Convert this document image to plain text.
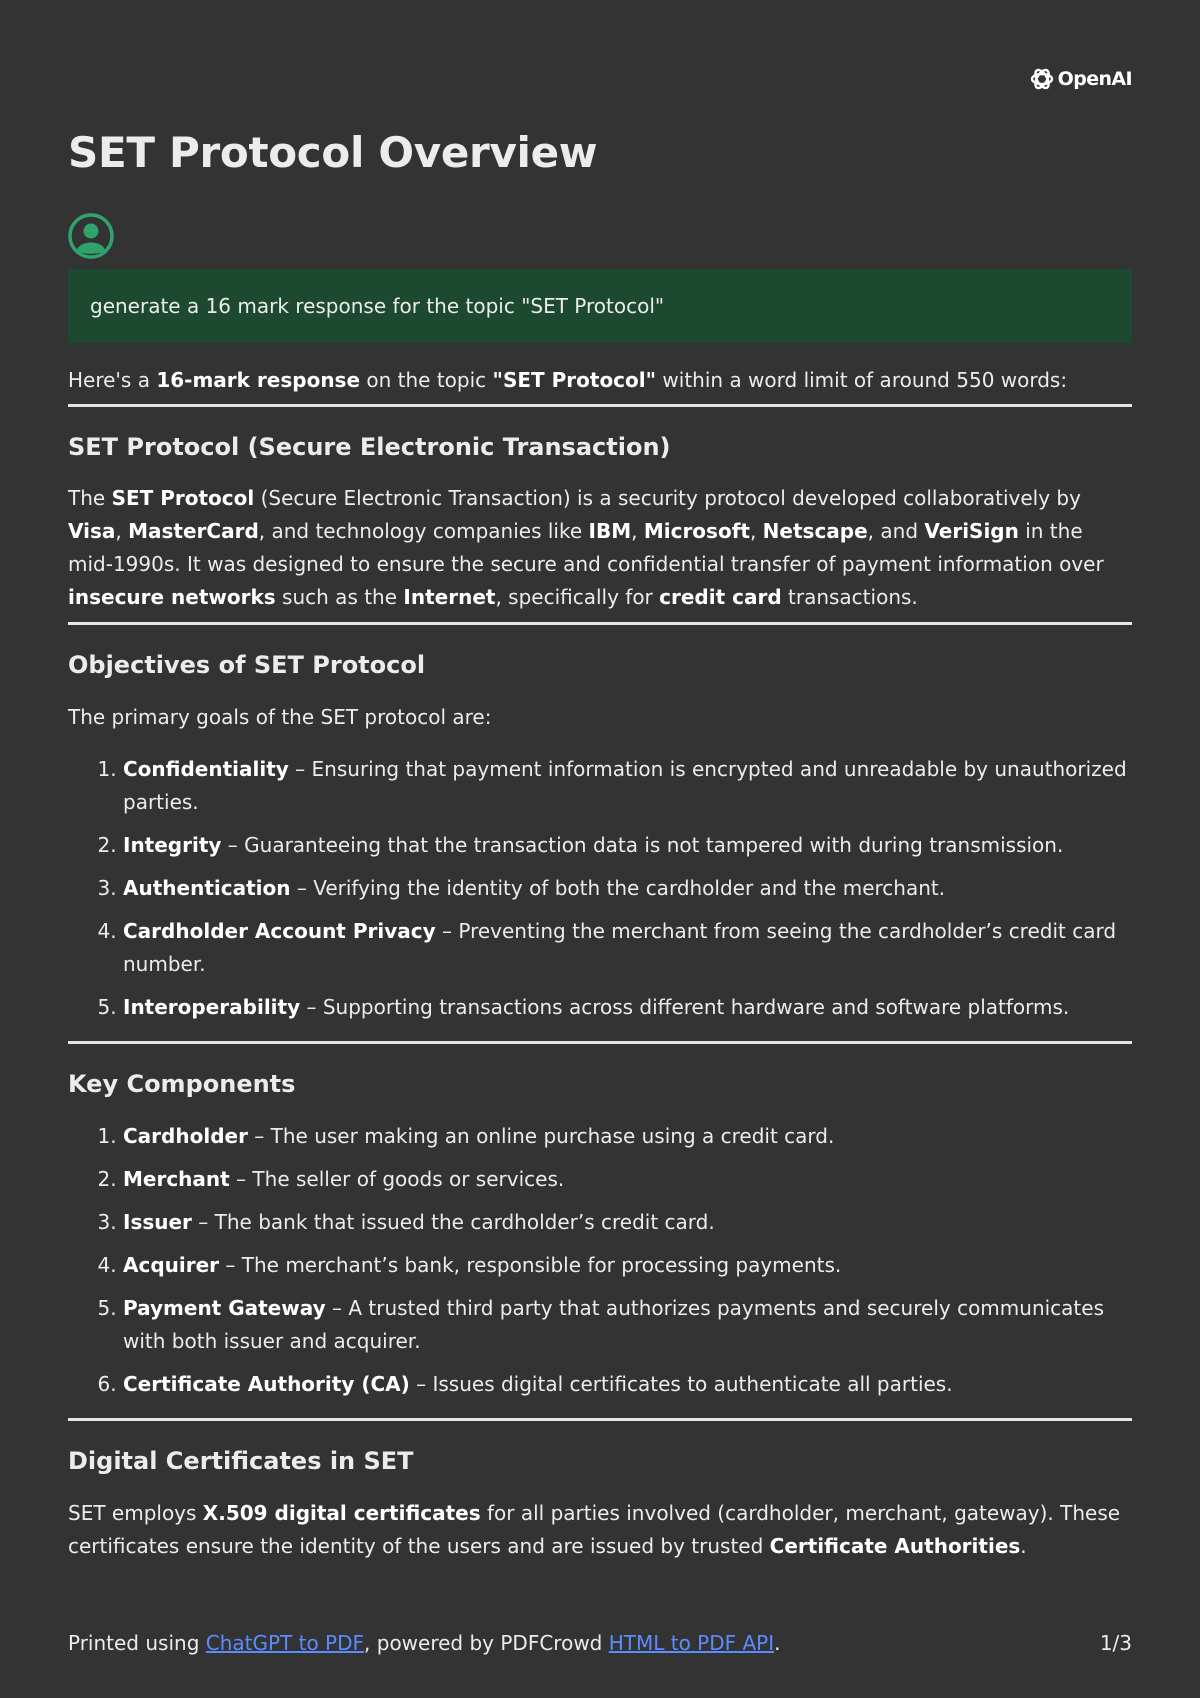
OpenAI
SET Protocol Overview
generate a 16 mark response for the topic "SET Protocol"

Here's a 16-mark response on the topic "SET Protocol" within a word limit of around 550 words:

SET Protocol (Secure Electronic Transaction)

The SET Protocol (Secure Electronic Transaction) is a security protocol developed collaboratively by Visa, MasterCard, and technology companies like IBM, Microsoft, Netscape, and VeriSign in the mid-1990s. It was designed to ensure the secure and confidential transfer of payment information over insecure networks such as the Internet, specifically for credit card transactions.

Objectives of SET Protocol

The primary goals of the SET protocol are:

1. Confidentiality – Ensuring that payment information is encrypted and unreadable by unauthorized parties.
2. Integrity – Guaranteeing that the transaction data is not tampered with during transmission.
3. Authentication – Verifying the identity of both the cardholder and the merchant.
4. Cardholder Account Privacy – Preventing the merchant from seeing the cardholder’s credit card number.
5. Interoperability – Supporting transactions across different hardware and software platforms.
Key Components
1. Cardholder – The user making an online purchase using a credit card.
2. Merchant – The seller of goods or services.
3. Issuer – The bank that issued the cardholder’s credit card.
4. Acquirer – The merchant’s bank, responsible for processing payments.
5. Payment Gateway – A trusted third party that authorizes payments and securely communicates with both issuer and acquirer.
6. Certificate Authority (CA) – Issues digital certificates to authenticate all parties.
Digital Certificates in SET

SET employs X.509 digital certificates for all parties involved (cardholder, merchant, gateway). These certificates ensure the identity of the users and are issued by trusted Certificate Authorities.

Printed using ChatGPT to PDF, powered by PDFCrowd HTML to PDF API.	1/3
